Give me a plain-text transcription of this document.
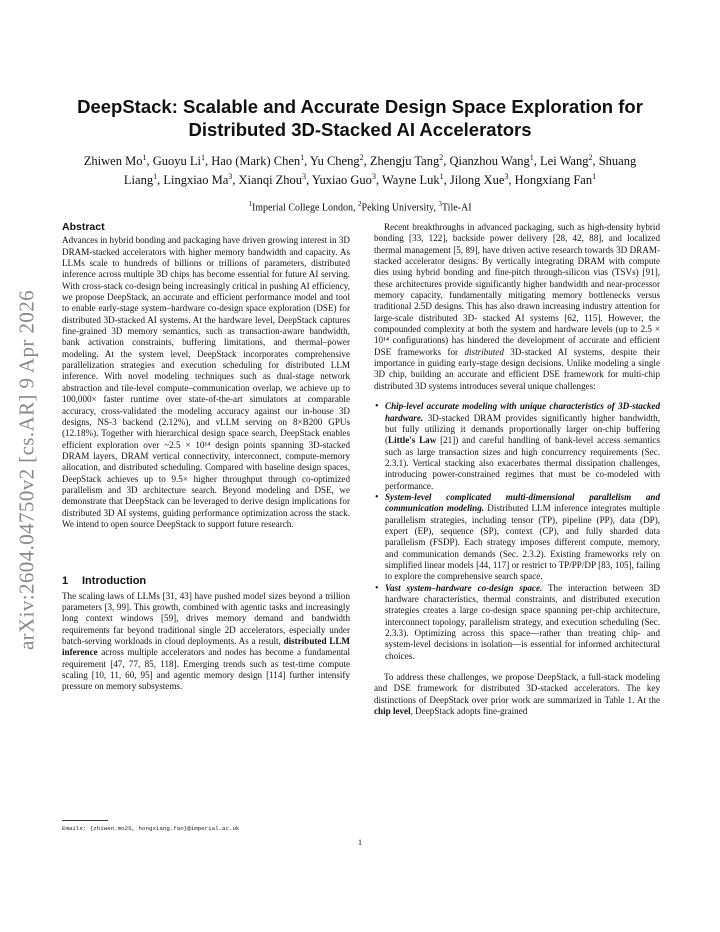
arXiv:2604.04750v2 [cs.AR] 9 Apr 2026
DeepStack: Scalable and Accurate Design Space Exploration for
Distributed 3D-Stacked AI Accelerators
Zhiwen Mo$^1$, Guoyu Li$^1$, Hao (Mark) Chen$^1$, Yu Cheng$^2$, Zhengju Tang$^2$, Qianzhou Wang$^1$, Lei Wang$^2$, Shuang Liang$^1$, Lingxiao Ma$^3$, Xianqi Zhou$^3$, Yuxiao Guo$^3$, Wayne Luk$^1$, Jilong Xue$^3$, Hongxiang Fan$^1$
$^1$Imperial College London, $^2$Peking University, $^3$Tile-AI
Abstract

Advances in hybrid bonding and packaging have driven growing interest in 3D DRAM-stacked accelerators with higher memory bandwidth and capacity. As LLMs scale to hundreds of billions or trillions of parameters, distributed inference across multiple 3D chips has become essential for future AI serving. With cross-stack co-design being increasingly critical in pushing AI efficiency, we propose DeepStack, an accurate and efficient performance model and tool to enable early-stage system–hardware co-design space exploration (DSE) for distributed 3D-stacked AI systems. At the hardware level, DeepStack captures fine-grained 3D memory semantics, such as transaction-aware bandwidth, bank activation constraints, buffering limitations, and thermal–power modeling. At the system level, DeepStack incorporates comprehensive parallelization strategies and execution scheduling for distributed LLM inference. With novel modeling techniques such as dual-stage network abstraction and tile-level compute–communication overlap, we achieve up to 100,000× faster runtime over state-of-the-art simulators at comparable accuracy, cross-validated the modeling accuracy against our in-house 3D designs, NS-3 backend (2.12%), and vLLM serving on 8×B200 GPUs (12.18%). Together with hierarchical design space search, DeepStack enables efficient exploration over ~2.5 × 10¹⁴ design points spanning 3D-stacked DRAM layers, DRAM vertical connectivity, interconnect, compute-memory allocation, and distributed scheduling. Compared with baseline design spaces, DeepStack achieves up to 9.5× higher throughput through co-optimized parallelism and 3D architecture search. Beyond modeling and DSE, we demonstrate that DeepStack can be leveraged to derive design implications for distributed 3D AI systems, guiding performance optimization across the stack. We intend to open source DeepStack to support future research.

1 Introduction

The scaling laws of LLMs [31, 43] have pushed model sizes beyond a trillion parameters [3, 99]. This growth, combined with agentic tasks and increasingly long context windows [59], drives memory demand and bandwidth requirements far beyond traditional single 2D accelerators, especially under batch-serving workloads in cloud deployments. As a result, distributed LLM inference across multiple accelerators and nodes has become a fundamental requirement [47, 77, 85, 118]. Emerging trends such as test-time compute scaling [10, 11, 60, 95] and agentic memory design [114] further intensify pressure on memory subsystems.

Recent breakthroughs in advanced packaging, such as high-density hybrid bonding [33, 122], backside power delivery [28, 42, 88], and localized thermal management [5, 89], have driven active research towards 3D DRAM-stacked accelerator designs. By vertically integrating DRAM with compute dies using hybrid bonding and fine-pitch through-silicon vias (TSVs) [91], these architectures provide significantly higher bandwidth and near-processor memory capacity, fundamentally mitigating memory bottlenecks versus traditional 2.5D designs. This has also drawn increasing industry attention for large-scale distributed 3D- stacked AI systems [62, 115]. However, the compounded complexity at both the system and hardware levels (up to 2.5 × 10¹⁴ configurations) has hindered the development of accurate and efficient DSE frameworks for distributed 3D-stacked AI systems, despite their importance in guiding early-stage design decisions. Unlike modeling a single 3D chip, building an accurate and efficient DSE framework for multi-chip distributed 3D systems introduces several unique challenges:

• Chip-level accurate modeling with unique characteristics of 3D-stacked hardware. 3D-stacked DRAM provides significantly higher bandwidth, but fully utilizing it demands proportionally larger on-chip buffering (Little's Law [21]) and careful handling of bank-level access semantics such as large transaction sizes and high concurrency requirements (Sec. 2.3.1). Vertical stacking also exacerbates thermal dissipation challenges, introducing power-constrained regimes that must be co-modeled with performance.
• System-level complicated multi-dimensional parallelism and communication modeling. Distributed LLM inference integrates multiple parallelism strategies, including tensor (TP), pipeline (PP), data (DP), expert (EP), sequence (SP), context (CP), and fully sharded data parallelism (FSDP). Each strategy imposes different compute, memory, and communication demands (Sec. 2.3.2). Existing frameworks rely on simplified linear models [44, 117] or restrict to TP/PP/DP [83, 105], failing to explore the comprehensive search space.
• Vast system–hardware co-design space. The interaction between 3D hardware characteristics, thermal constraints, and distributed execution strategies creates a large co-design space spanning per-chip architecture, interconnect topology, parallelism strategy, and execution scheduling (Sec. 2.3.3). Optimizing across this space—rather than treating chip- and system-level decisions in isolation—is essential for informed architectural choices.

To address these challenges, we propose DeepStack, a full-stack modeling and DSE framework for distributed 3D-stacked accelerators. The key distinctions of DeepStack over prior work are summarized in Table 1. At the chip level, DeepStack adopts fine-grained

Emails: {zhiwen.mo25, hongxiang.fan}@imperial.ac.uk
1
